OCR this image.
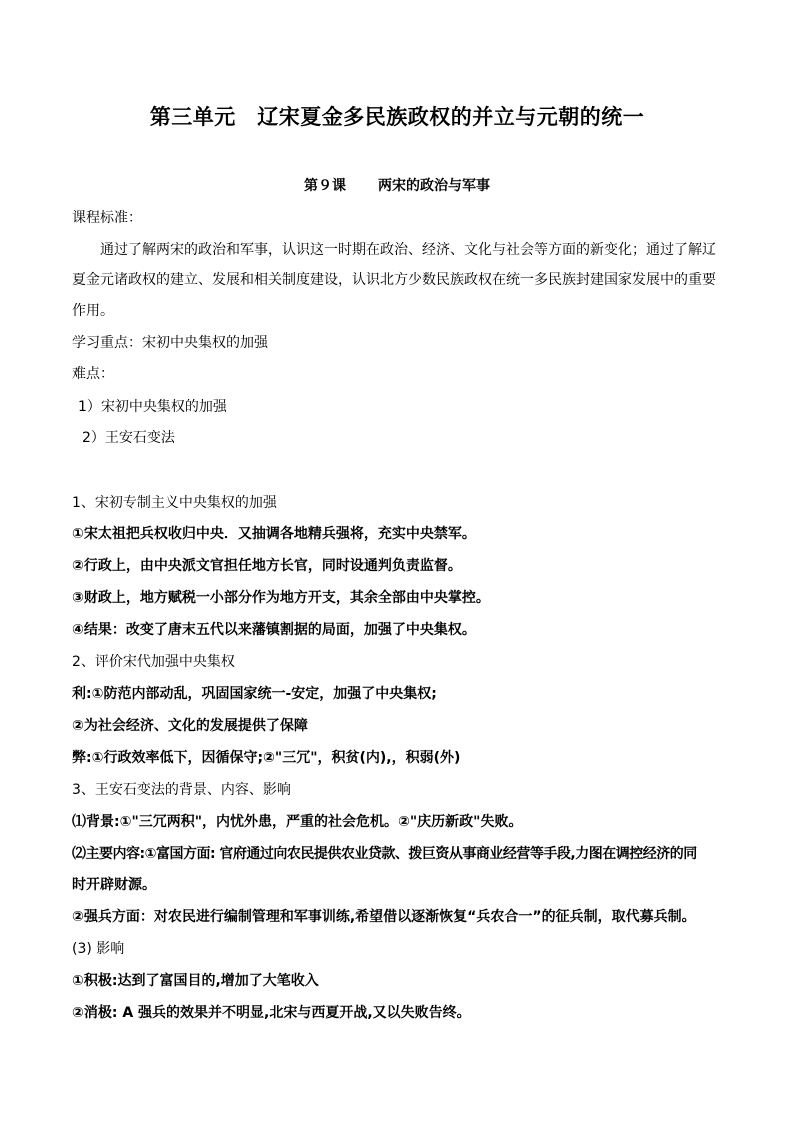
第三单元　辽宋夏金多民族政权的并立与元朝的统一
第９课 两宋的政治与军事
课程标准：
通过了解两宋的政治和军事，认识这一时期在政治、经济、文化与社会等方面的新变化；通过了解辽
夏金元诸政权的建立、发展和相关制度建设，认识北方少数民族政权在统一多民族封建国家发展中的重要
作用。
学习重点：宋初中央集权的加强
难点：
1）宋初中央集权的加强
2）王安石变法
1、宋初专制主义中央集权的加强
①宋太祖把兵权收归中央．又抽调各地精兵强将，充实中央禁军。
②行政上，由中央派文官担任地方长官，同时设通判负责监督。
③财政上，地方赋税一小部分作为地方开支，其余全部由中央掌控。
④结果：改变了唐末五代以来藩镇割据的局面，加强了中央集权。
2、评价宋代加强中央集权
利:①防范内部动乱，巩固国家统一-安定，加强了中央集权;
②为社会经济、文化的发展提供了保障
弊:①行政效率低下，因循保守;②"三冗"，积贫(内),，积弱(外)
3、王安石变法的背景、内容、影响
⑴背景:①"三冗两积"，内忧外患，严重的社会危机。②"庆历新政"失败。
⑵主要内容:①富国方面: 官府通过向农民提供农业贷款、拨巨资从事商业经营等手段,力图在调控经济的同
时开辟财源。
②强兵方面：对农民进行编制管理和军事训练,希望借以逐渐恢复“兵农合一”的征兵制，取代募兵制。
(3) 影响
①积极:达到了富国目的,增加了大笔收入
②消极: A 强兵的效果并不明显,北宋与西夏开战,又以失败告终。
